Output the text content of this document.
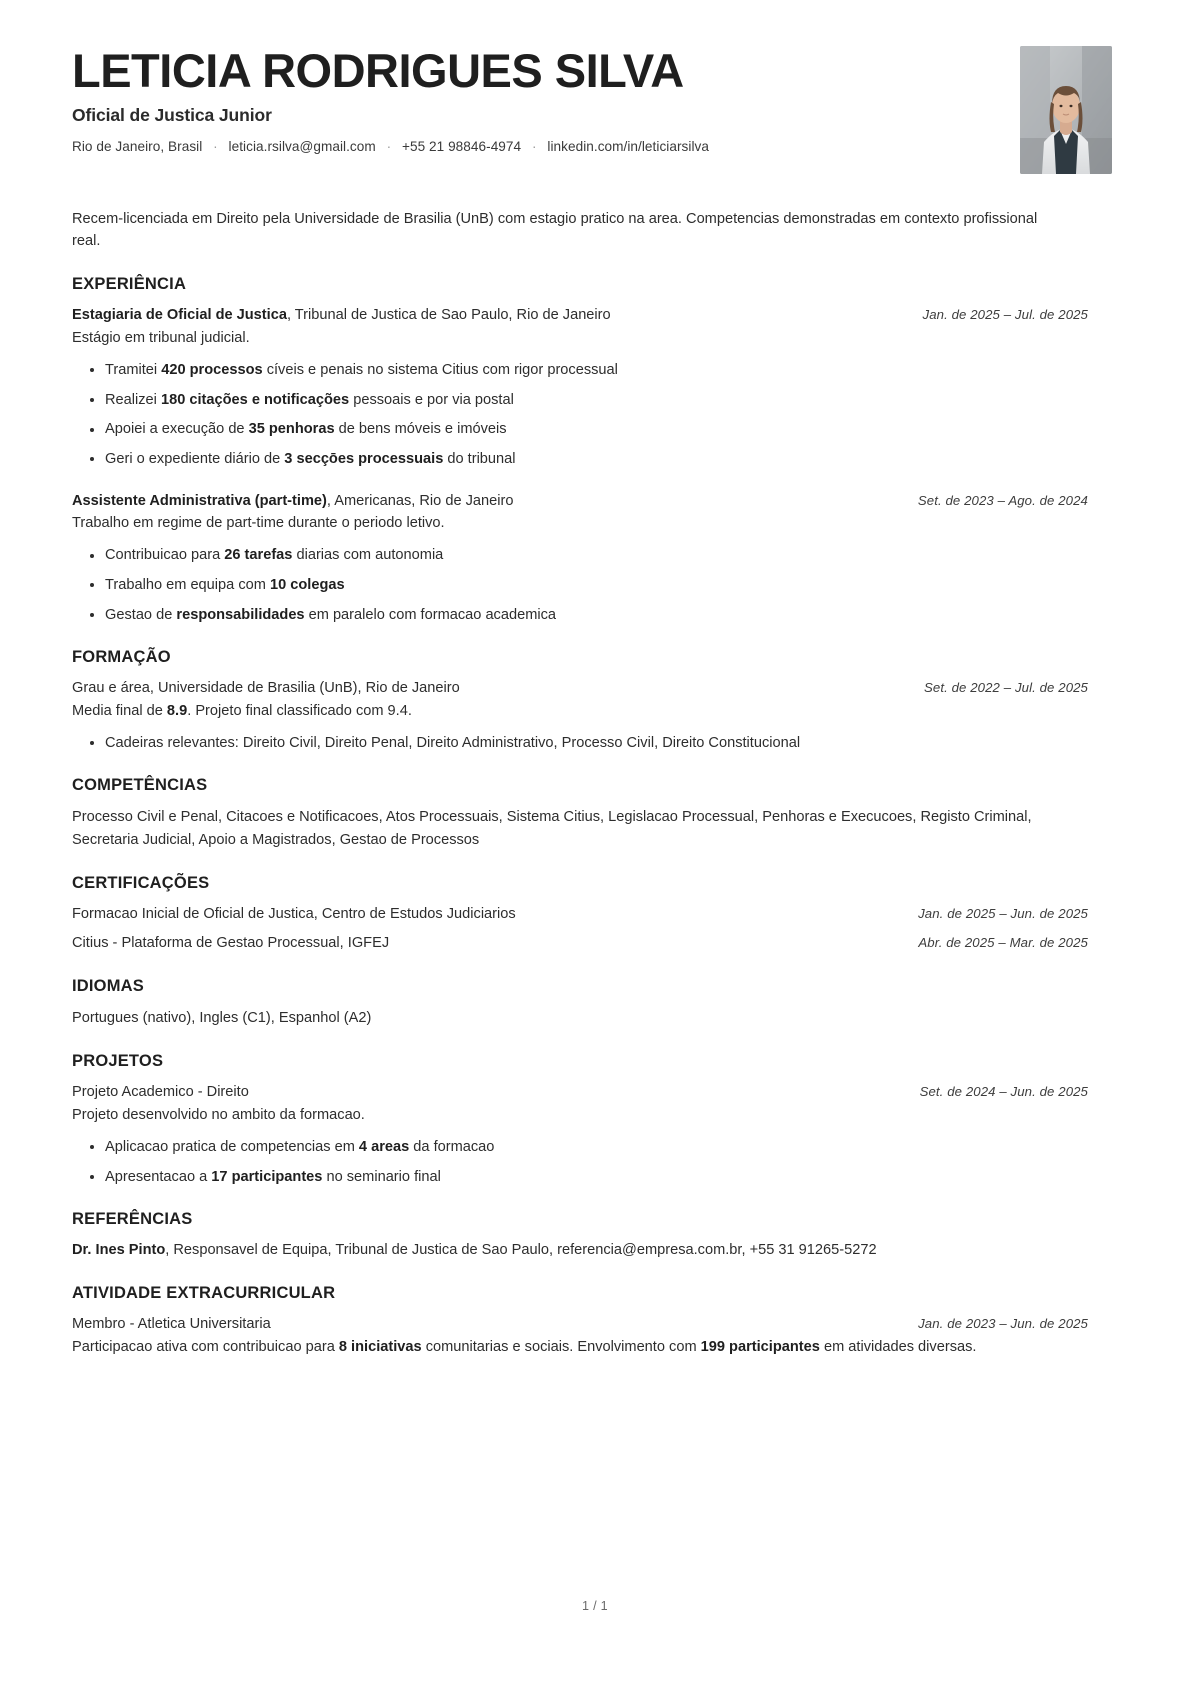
LETICIA RODRIGUES SILVA
Oficial de Justica Junior
Rio de Janeiro, Brasil · leticia.rsilva@gmail.com · +55 21 98846-4974 · linkedin.com/in/leticiarsilva
Recem-licenciada em Direito pela Universidade de Brasilia (UnB) com estagio pratico na area. Competencias demonstradas em contexto profissional real.
EXPERIÊNCIA
Estagiaria de Oficial de Justica, Tribunal de Justica de Sao Paulo, Rio de Janeiro	Jan. de 2025 – Jul. de 2025
Estágio em tribunal judicial.
Tramitei 420 processos cíveis e penais no sistema Citius com rigor processual
Realizei 180 citações e notificações pessoais e por via postal
Apoiei a execução de 35 penhoras de bens móveis e imóveis
Geri o expediente diário de 3 secçōes processuais do tribunal
Assistente Administrativa (part-time), Americanas, Rio de Janeiro	Set. de 2023 – Ago. de 2024
Trabalho em regime de part-time durante o periodo letivo.
Contribuicao para 26 tarefas diarias com autonomia
Trabalho em equipa com 10 colegas
Gestao de responsabilidades em paralelo com formacao academica
FORMAÇÃO
Grau e área, Universidade de Brasilia (UnB), Rio de Janeiro	Set. de 2022 – Jul. de 2025
Media final de 8.9. Projeto final classificado com 9.4.
Cadeiras relevantes: Direito Civil, Direito Penal, Direito Administrativo, Processo Civil, Direito Constitucional
COMPETÊNCIAS
Processo Civil e Penal, Citacoes e Notificacoes, Atos Processuais, Sistema Citius, Legislacao Processual, Penhoras e Execucoes, Registo Criminal, Secretaria Judicial, Apoio a Magistrados, Gestao de Processos
CERTIFICAÇÕES
Formacao Inicial de Oficial de Justica, Centro de Estudos Judiciarios	Jan. de 2025 – Jun. de 2025
Citius - Plataforma de Gestao Processual, IGFEJ	Abr. de 2025 – Mar. de 2025
IDIOMAS
Portugues (nativo), Ingles (C1), Espanhol (A2)
PROJETOS
Projeto Academico - Direito	Set. de 2024 – Jun. de 2025
Projeto desenvolvido no ambito da formacao.
Aplicacao pratica de competencias em 4 areas da formacao
Apresentacao a 17 participantes no seminario final
REFERÊNCIAS
Dr. Ines Pinto, Responsavel de Equipa, Tribunal de Justica de Sao Paulo, referencia@empresa.com.br, +55 31 91265-5272
ATIVIDADE EXTRACURRICULAR
Membro - Atletica Universitaria	Jan. de 2023 – Jun. de 2025
Participacao ativa com contribuicao para 8 iniciativas comunitarias e sociais. Envolvimento com 199 participantes em atividades diversas.
1 / 1
